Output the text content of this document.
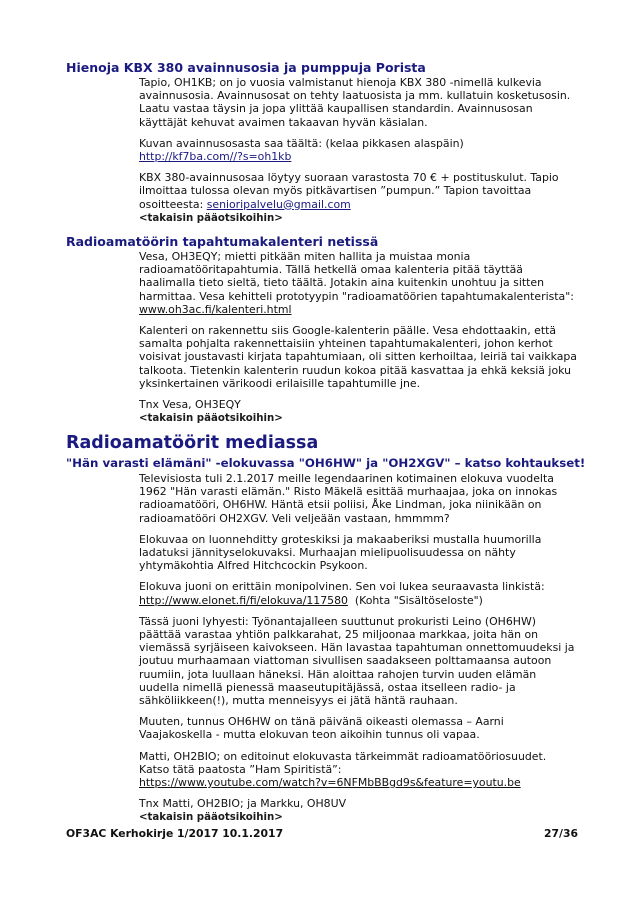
Hienoja KBX 380 avainnusosia ja pumppuja Porista

Tapio, OH1KB; on jo vuosia valmistanut hienoja KBX 380 -nimellä kulkevia avainnusosia. Avainnusosat on tehty laatuosista ja mm. kullatuin kosketusosin. Laatu vastaa täysin ja jopa ylittää kaupallisen standardin. Avainnusosan käyttäjät kehuvat avaimen takaavan hyvän käsialan.

Kuvan avainnusosasta saa täältä: (kelaa pikkasen alaspäin)

http://kf7ba.com//?s=oh1kb

KBX 380-avainnusosaa löytyy suoraan varastosta 70 € + postituskulut. Tapio ilmoittaa tulossa olevan myös pitkävartisen ”pumpun.” Tapion tavoittaa osoitteesta: senioripalvelu@gmail.com

<takaisin pääotsikoihin>

Radioamatöörin tapahtumakalenteri netissä

Vesa, OH3EQY; mietti pitkään miten hallita ja muistaa monia radioamatööritapahtumia. Tällä hetkellä omaa kalenteria pitää täyttää haalimalla tieto sieltä, tieto täältä. Jotakin aina kuitenkin unohtuu ja sitten harmittaa. Vesa kehitteli prototyypin "radioamatöörien tapahtumakalenterista":

www.oh3ac.fi/kalenteri.html

Kalenteri on rakennettu siis Google-kalenterin päälle. Vesa ehdottaakin, että samalta pohjalta rakennettaisiin yhteinen tapahtumakalenteri, johon kerhot voisivat joustavasti kirjata tapahtumiaan, oli sitten kerhoiltaa, leiriä tai vaikkapa talkoota. Tietenkin kalenterin ruudun kokoa pitää kasvattaa ja ehkä keksiä joku yksinkertainen värikoodi erilaisille tapahtumille jne.

Tnx Vesa, OH3EQY

<takaisin pääotsikoihin>

Radioamatöörit mediassa
"Hän varasti elämäni" -elokuvassa "OH6HW" ja "OH2XGV" – katso kohtaukset!

Televisiosta tuli 2.1.2017 meille legendaarinen kotimainen elokuva vuodelta 1962 "Hän varasti elämän." Risto Mäkelä esittää murhaajaa, joka on innokas radioamatööri, OH6HW. Häntä etsii poliisi, Åke Lindman, joka niinikään on radioamatööri OH2XGV. Veli veljeään vastaan, hmmmm?

Elokuvaa on luonnehditty groteskiksi ja makaaberiksi mustalla huumorilla ladatuksi jännityselokuvaksi. Murhaajan mielipuolisuudessa on nähty yhtymäkohtia Alfred Hitchcockin Psykoon.

Elokuva juoni on erittäin monipolvinen. Sen voi lukea seuraavasta linkistä:
http://www.elonet.fi/fi/elokuva/117580 (Kohta "Sisältöseloste")

Tässä juoni lyhyesti: Työnantajalleen suuttunut prokuristi Leino (OH6HW) päättää varastaa yhtiön palkkarahat, 25 miljoonaa markkaa, joita hän on viemässä syrjäiseen kaivokseen. Hän lavastaa tapahtuman onnettomuudeksi ja joutuu murhaamaan viattoman sivullisen saadakseen polttamaansa autoon ruumiin, jota luullaan häneksi. Hän aloittaa rahojen turvin uuden elämän uudella nimellä pienessä maaseutupitäjässä, ostaa itselleen radio- ja sähköliikkeen(!), mutta menneisyys ei jätä häntä rauhaan.

Muuten, tunnus OH6HW on tänä päivänä oikeasti olemassa – Aarni Vaajakoskella - mutta elokuvan teon aikoihin tunnus oli vapaa.

Matti, OH2BIO; on editoinut elokuvasta tärkeimmät radioamatööriosuudet. Katso tätä paatosta ”Ham Spiritistä”:
https://www.youtube.com/watch?v=6NFMbBBgd9s&feature=youtu.be

Tnx Matti, OH2BIO; ja Markku, OH8UV

<takaisin pääotsikoihin>

OF3AC Kerhokirje 1/2017 10.1.2017	27/36
